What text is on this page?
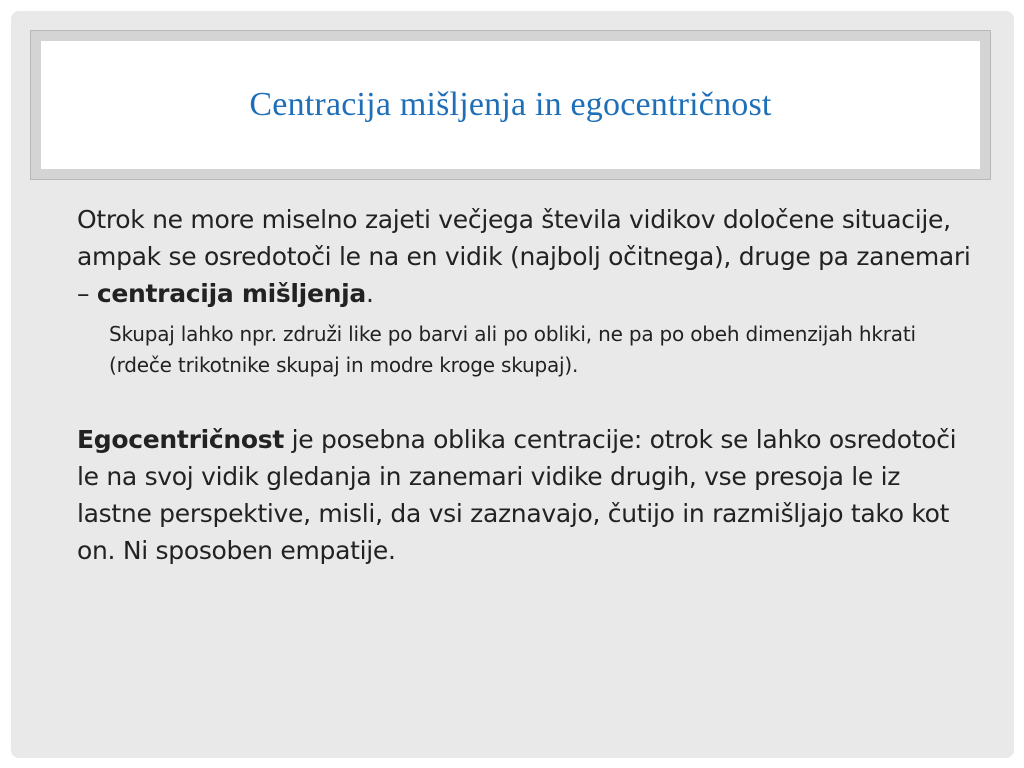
Centracija mišljenja in egocentričnost

Otrok ne more miselno zajeti večjega števila vidikov določene situacije, ampak se osredotoči le na en vidik (najbolj očitnega), druge pa zanemari – centracija mišljenja.

Skupaj lahko npr. združi like po barvi ali po obliki, ne pa po obeh dimenzijah hkrati (rdeče trikotnike skupaj in modre kroge skupaj).

Egocentričnost je posebna oblika centracije: otrok se lahko osredotoči le na svoj vidik gledanja in zanemari vidike drugih, vse presoja le iz lastne perspektive, misli, da vsi zaznavajo, čutijo in razmišljajo tako kot on. Ni sposoben empatije.
